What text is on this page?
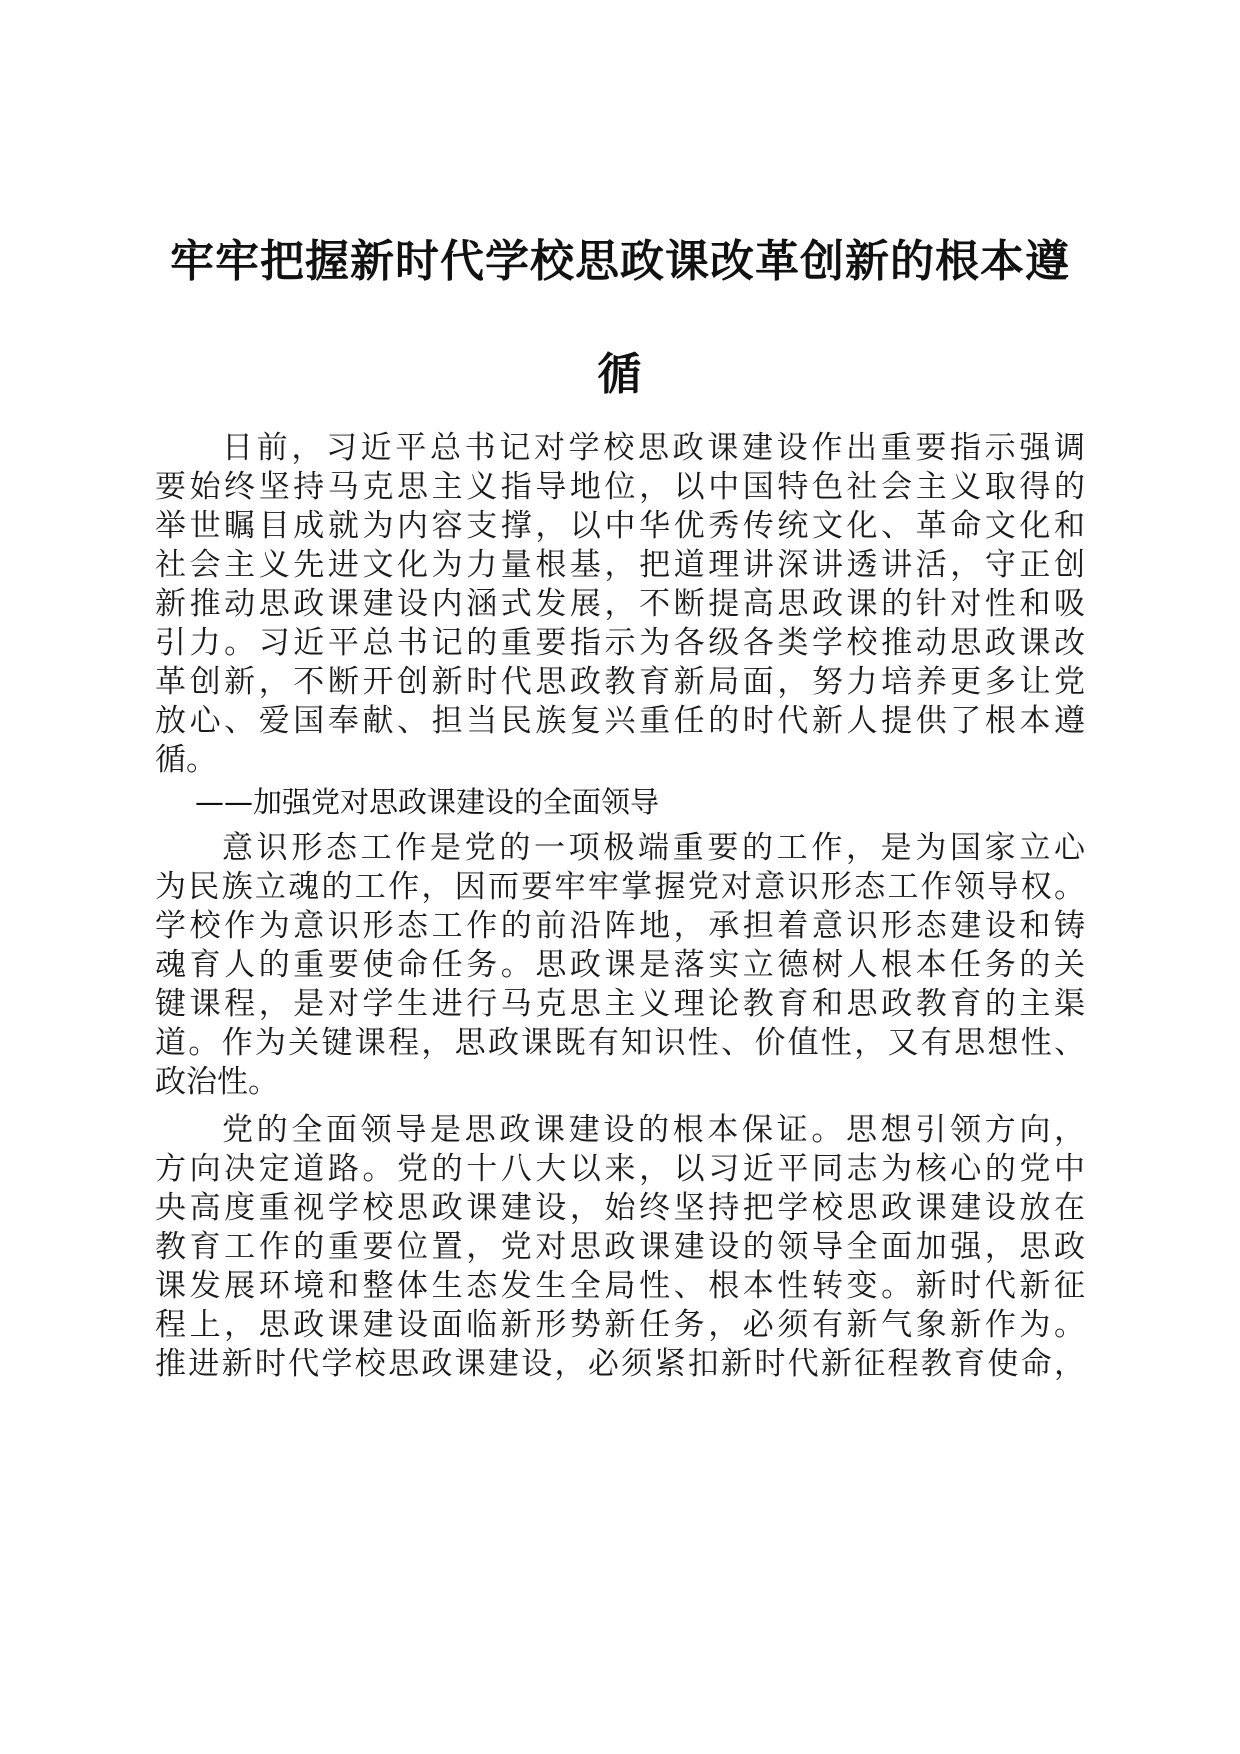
牢牢把握新时代学校思政课改革创新的根本遵
循
日前，习近平总书记对学校思政课建设作出重要指示强调
要始终坚持马克思主义指导地位，以中国特色社会主义取得的
举世瞩目成就为内容支撑，以中华优秀传统文化、革命文化和
社会主义先进文化为力量根基，把道理讲深讲透讲活，守正创
新推动思政课建设内涵式发展，不断提高思政课的针对性和吸
引力。习近平总书记的重要指示为各级各类学校推动思政课改
革创新，不断开创新时代思政教育新局面，努力培养更多让党
放心、爱国奉献、担当民族复兴重任的时代新人提供了根本遵
循。
——加强党对思政课建设的全面领导
意识形态工作是党的一项极端重要的工作，是为国家立心
为民族立魂的工作，因而要牢牢掌握党对意识形态工作领导权。
学校作为意识形态工作的前沿阵地，承担着意识形态建设和铸
魂育人的重要使命任务。思政课是落实立德树人根本任务的关
键课程，是对学生进行马克思主义理论教育和思政教育的主渠
道。作为关键课程，思政课既有知识性、价值性，又有思想性、
政治性。
党的全面领导是思政课建设的根本保证。思想引领方向，
方向决定道路。党的十八大以来，以习近平同志为核心的党中
央高度重视学校思政课建设，始终坚持把学校思政课建设放在
教育工作的重要位置，党对思政课建设的领导全面加强，思政
课发展环境和整体生态发生全局性、根本性转变。新时代新征
程上，思政课建设面临新形势新任务，必须有新气象新作为。
推进新时代学校思政课建设，必须紧扣新时代新征程教育使命，
